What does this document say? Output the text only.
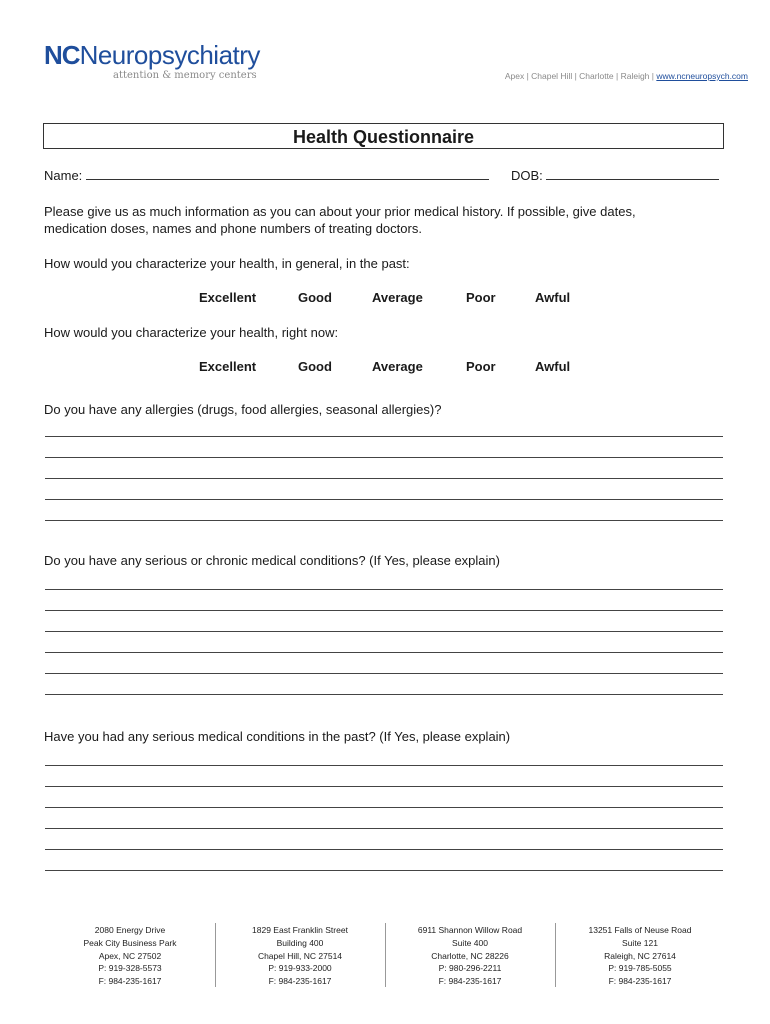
NCNeuropsychiatry
attention & memory centers	Apex | Chapel Hill | Charlotte | Raleigh | www.ncneuropsych.com
Health Questionnaire
Name:	DOB:
Please give us as much information as you can about your prior medical history. If possible, give dates,
medication doses, names and phone numbers of treating doctors.
How would you characterize your health, in general, in the past:
Excellent	Good	Average	Poor	Awful
How would you characterize your health, right now:
Excellent	Good	Average	Poor	Awful
Do you have any allergies (drugs, food allergies, seasonal allergies)?
Do you have any serious or chronic medical conditions? (If Yes, please explain)
Have you had any serious medical conditions in the past? (If Yes, please explain)
2080 Energy Drive
Peak City Business Park
Apex, NC 27502
P: 919-328-5573
F: 984-235-1617
1829 East Franklin Street
Building 400
Chapel Hill, NC 27514
P: 919-933-2000
F: 984-235-1617
6911 Shannon Willow Road
Suite 400
Charlotte, NC 28226
P: 980-296-2211
F: 984-235-1617
13251 Falls of Neuse Road
Suite 121
Raleigh, NC 27614
P: 919-785-5055
F: 984-235-1617
